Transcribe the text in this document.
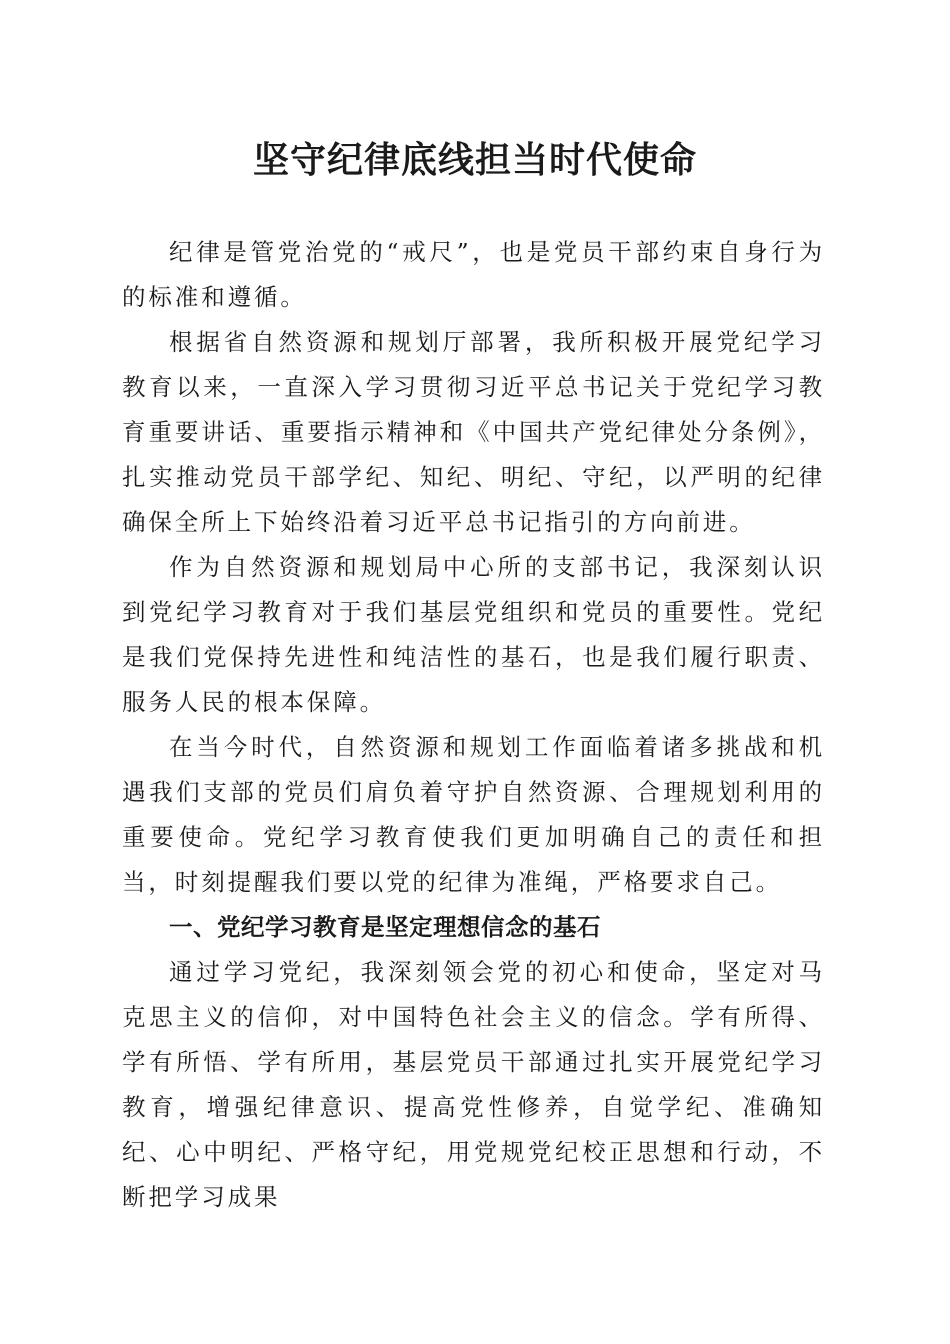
坚守纪律底线担当时代使命

纪律是管党治党的“戒尺”，也是党员干部约束自身行为的标准和遵循。

根据省自然资源和规划厅部署，我所积极开展党纪学习教育以来，一直深入学习贯彻习近平总书记关于党纪学习教育重要讲话、重要指示精神和《中国共产党纪律处分条例》，扎实推动党员干部学纪、知纪、明纪、守纪，以严明的纪律确保全所上下始终沿着习近平总书记指引的方向前进。

作为自然资源和规划局中心所的支部书记，我深刻认识到党纪学习教育对于我们基层党组织和党员的重要性。党纪是我们党保持先进性和纯洁性的基石，也是我们履行职责、服务人民的根本保障。

在当今时代，自然资源和规划工作面临着诸多挑战和机遇我们支部的党员们肩负着守护自然资源、合理规划利用的重要使命。党纪学习教育使我们更加明确自己的责任和担当，时刻提醒我们要以党的纪律为准绳，严格要求自己。

一、党纪学习教育是坚定理想信念的基石

通过学习党纪，我深刻领会党的初心和使命，坚定对马克思主义的信仰，对中国特色社会主义的信念。学有所得、学有所悟、学有所用，基层党员干部通过扎实开展党纪学习教育，增强纪律意识、提高党性修养，自觉学纪、准确知纪、心中明纪、严格守纪，用党规党纪校正思想和行动，不断把学习成果
